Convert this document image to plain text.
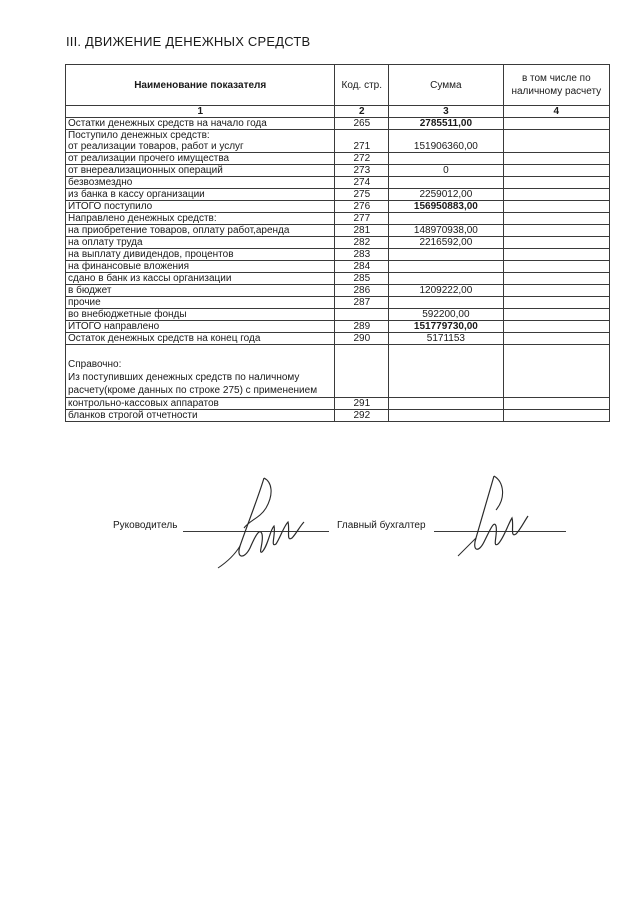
III. ДВИЖЕНИЕ ДЕНЕЖНЫХ СРЕДСТВ
Наименование показателя	Код. стр.	Сумма	в том числе по наличному расчету
1	2	3	4
Остатки денежных средств на начало года	265	2785511,00	
Поступило денежных средств:
от реализации товаров, работ и услуг	271	151906360,00	
от реализации прочего имущества	272		
от внереализационных операций	273	0	
безвозмездно	274		
из банка в кассу организации	275	2259012,00	
ИТОГО поступило	276	156950883,00	
Направлено денежных средств:	277		
на приобретение товаров, оплату работ,аренда	281	148970938,00	
на оплату труда	282	2216592,00	
на выплату дивидендов, процентов	283		
на финансовые вложения	284		
сдано в банк из кассы организации	285		
в бюджет	286	1209222,00	
прочие	287		
во внебюджетные фонды		592200,00	
ИТОГО направлено	289	151779730,00	
Остаток денежных средств на конец года	290	5171153	
Справочно:
Из поступивших денежных средств по наличному расчету(кроме данных по строке 275) с применением			
контрольно-кассовых аппаратов	291		
бланков строгой отчетности	292		
Руководитель	Главный бухгалтер
